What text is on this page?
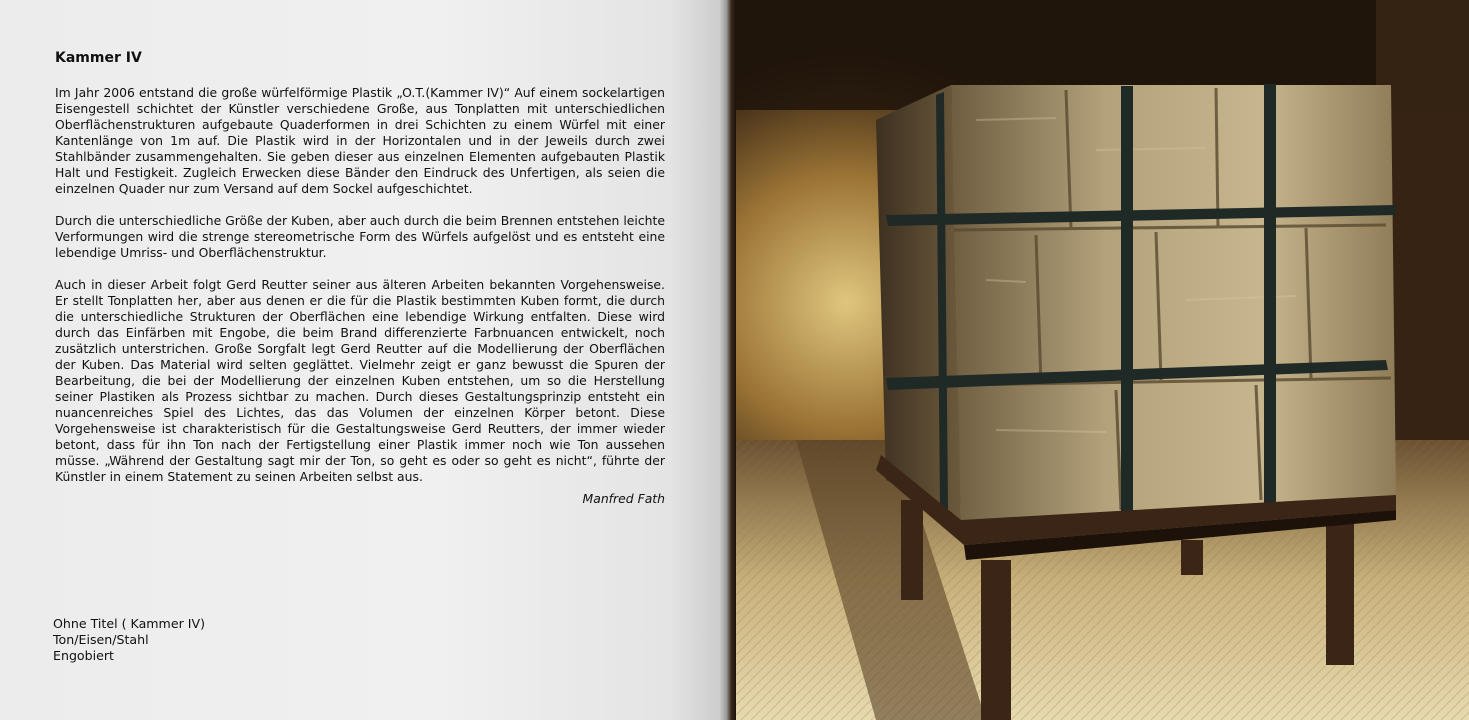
Kammer IV

Im Jahr 2006 entstand die große würfelförmige Plastik „O.T.(Kammer IV)“ Auf einem sockelartigen Eisengestell schichtet der Künstler verschiedene Große, aus Tonplatten mit unterschiedlichen Oberflächenstrukturen aufgebaute Quaderformen in drei Schichten zu einem Würfel mit einer Kantenlänge von 1m auf. Die Plastik wird in der Horizontalen und in der Jeweils durch zwei Stahlbänder zusammengehalten. Sie geben dieser aus einzelnen Elementen aufgebauten Plastik Halt und Festigkeit. Zugleich Erwecken diese Bänder den Eindruck des Unfertigen, als seien die einzelnen Quader nur zum Versand auf dem Sockel aufgeschichtet.

Durch die unterschiedliche Größe der Kuben, aber auch durch die beim Brennen entstehen leichte Verformungen wird die strenge stereometrische Form des Würfels aufgelöst und es entsteht eine lebendige Umriss- und Oberflächenstruktur.

Auch in dieser Arbeit folgt Gerd Reutter seiner aus älteren Arbeiten bekannten Vorgehensweise. Er stellt Tonplatten her, aber aus denen er die für die Plastik bestimmten Kuben formt, die durch die unterschiedliche Strukturen der Oberflächen eine lebendige Wirkung entfalten. Diese wird durch das Einfärben mit Engobe, die beim Brand differenzierte Farbnuancen entwickelt, noch zusätzlich unterstrichen. Große Sorgfalt legt Gerd Reutter auf die Modellierung der Oberflächen der Kuben. Das Material wird selten geglättet. Vielmehr zeigt er ganz bewusst die Spuren der Bearbeitung, die bei der Modellierung der einzelnen Kuben entstehen, um so die Herstellung seiner Plastiken als Prozess sichtbar zu machen. Durch dieses Gestaltungsprinzip entsteht ein nuancenreiches Spiel des Lichtes, das das Volumen der einzelnen Körper betont. Diese Vorgehensweise ist charakteristisch für die Gestaltungsweise Gerd Reutters, der immer wieder betont, dass für ihn Ton nach der Fertigstellung einer Plastik immer noch wie Ton aussehen müsse. „Während der Gestaltung sagt mir der Ton, so geht es oder so geht es nicht“, führte der Künstler in einem Statement zu seinen Arbeiten selbst aus.

Manfred Fath
Ohne Titel ( Kammer IV)
Ton/Eisen/Stahl
Engobiert
